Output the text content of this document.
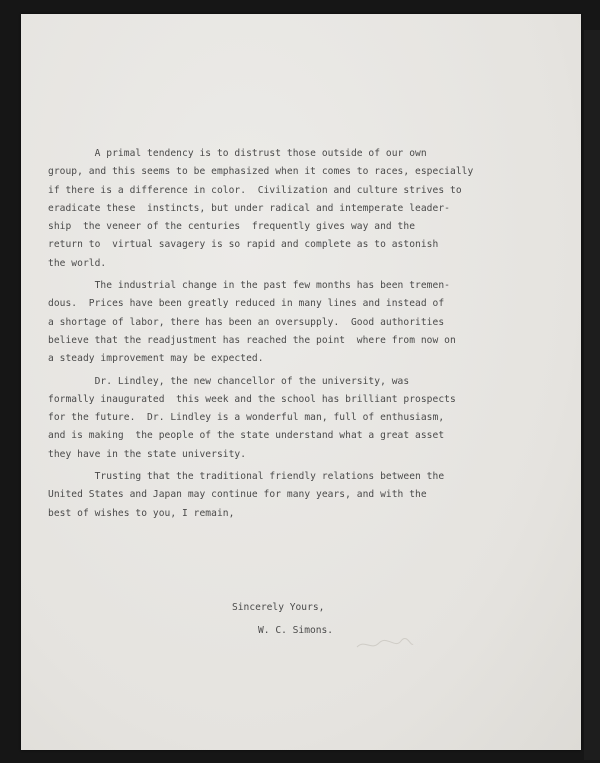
A primal tendency is to distrust those outside of our own
group, and this seems to be emphasized when it comes to races, especially
if there is a difference in color.  Civilization and culture strives to
eradicate these  instincts, but under radical and intemperate leader-
ship  the veneer of the centuries  frequently gives way and the
return to  virtual savagery is so rapid and complete as to astonish
the world.
The industrial change in the past few months has been tremen-
dous.  Prices have been greatly reduced in many lines and instead of
a shortage of labor, there has been an oversupply.  Good authorities
believe that the readjustment has reached the point  where from now on
a steady improvement may be expected.
Dr. Lindley, the new chancellor of the university, was
formally inaugurated  this week and the school has brilliant prospects
for the future.  Dr. Lindley is a wonderful man, full of enthusiasm,
and is making  the people of the state understand what a great asset
they have in the state university.
Trusting that the traditional friendly relations between the
United States and Japan may continue for many years, and with the
best of wishes to you, I remain,
Sincerely Yours,
W. C. Simons.
